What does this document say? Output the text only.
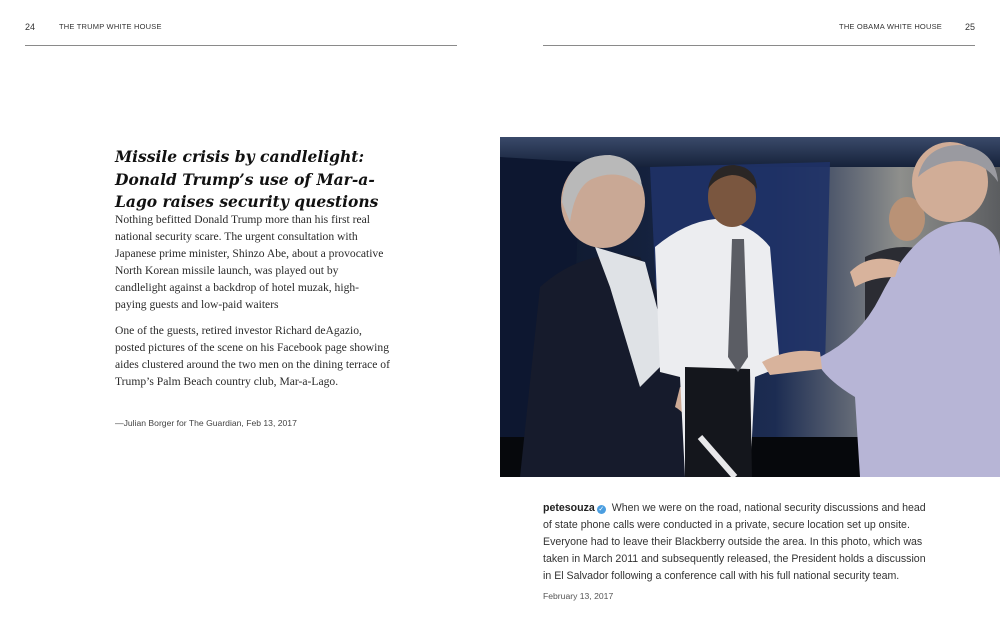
24	THE TRUMP WHITE HOUSE	THE OBAMA WHITE HOUSE	25
Missile crisis by candlelight: Donald Trump’s use of Mar-a-Lago raises security questions

Nothing befitted Donald Trump more than his first real national security scare. The urgent consultation with Japanese prime minister, Shinzo Abe, about a provocative North Korean missile launch, was played out by candlelight against a backdrop of hotel muzak, high-paying guests and low-paid waiters

One of the guests, retired investor Richard deAgazio, posted pictures of the scene on his Facebook page showing aides clustered around the two men on the dining terrace of Trump’s Palm Beach country club, Mar-a-Lago.

—Julian Borger for The Guardian, Feb 13, 2017
petesouza ✓ When we were on the road, national security discussions and head of state phone calls were conducted in a private, secure location set up onsite. Everyone had to leave their Blackberry outside the area. In this photo, which was taken in March 2011 and subsequently released, the President holds a discussion in El Salvador following a conference call with his full national security team.
February 13, 2017
